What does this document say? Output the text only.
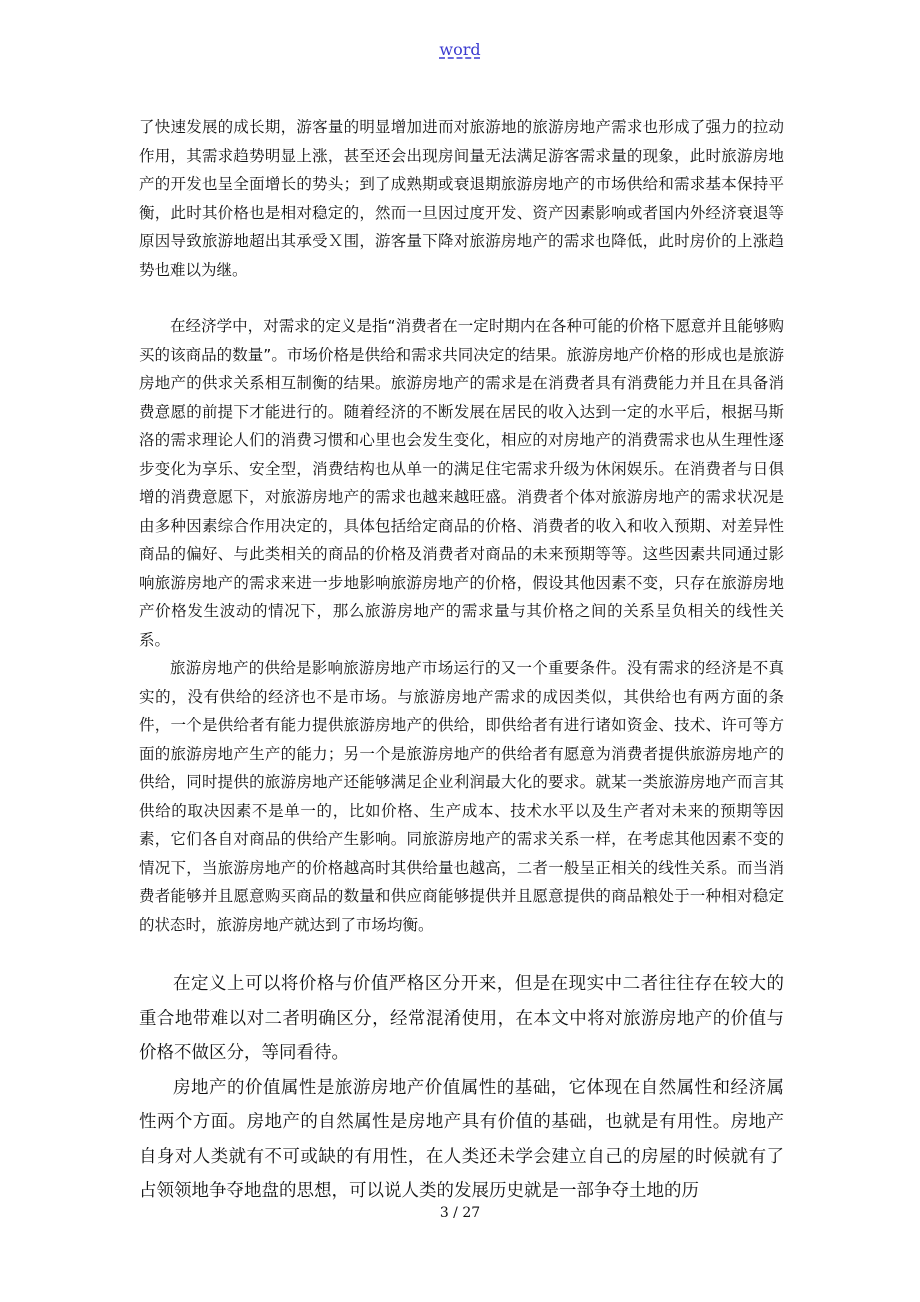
word

了快速发展的成长期，游客量的明显增加进而对旅游地的旅游房地产需求也形成了强力的拉动作用，其需求趋势明显上涨，甚至还会出现房间量无法满足游客需求量的现象，此时旅游房地产的开发也呈全面增长的势头；到了成熟期或衰退期旅游房地产的市场供给和需求基本保持平衡，此时其价格也是相对稳定的，然而一旦因过度开发、资产因素影响或者国内外经济衰退等原因导致旅游地超出其承受Ｘ围，游客量下降对旅游房地产的需求也降低，此时房价的上涨趋势也难以为继。

在经济学中，对需求的定义是指“消费者在一定时期内在各种可能的价格下愿意并且能够购买的该商品的数量”。市场价格是供给和需求共同决定的结果。旅游房地产价格的形成也是旅游房地产的供求关系相互制衡的结果。旅游房地产的需求是在消费者具有消费能力并且在具备消费意愿的前提下才能进行的。随着经济的不断发展在居民的收入达到一定的水平后，根据马斯洛的需求理论人们的消费习惯和心里也会发生变化，相应的对房地产的消费需求也从生理性逐步变化为享乐、安全型，消费结构也从单一的满足住宅需求升级为休闲娱乐。在消费者与日俱增的消费意愿下，对旅游房地产的需求也越来越旺盛。消费者个体对旅游房地产的需求状况是由多种因素综合作用决定的，具体包括给定商品的价格、消费者的收入和收入预期、对差异性商品的偏好、与此类相关的商品的价格及消费者对商品的未来预期等等。这些因素共同通过影响旅游房地产的需求来进一步地影响旅游房地产的价格，假设其他因素不变，只存在旅游房地产价格发生波动的情况下，那么旅游房地产的需求量与其价格之间的关系呈负相关的线性关系。

旅游房地产的供给是影响旅游房地产市场运行的又一个重要条件。没有需求的经济是不真实的，没有供给的经济也不是市场。与旅游房地产需求的成因类似，其供给也有两方面的条件，一个是供给者有能力提供旅游房地产的供给，即供给者有进行诸如资金、技术、许可等方面的旅游房地产生产的能力；另一个是旅游房地产的供给者有愿意为消费者提供旅游房地产的供给，同时提供的旅游房地产还能够满足企业利润最大化的要求。就某一类旅游房地产而言其供给的取决因素不是单一的，比如价格、生产成本、技术水平以及生产者对未来的预期等因素，它们各自对商品的供给产生影响。同旅游房地产的需求关系一样，在考虑其他因素不变的情况下，当旅游房地产的价格越高时其供给量也越高，二者一般呈正相关的线性关系。而当消费者能够并且愿意购买商品的数量和供应商能够提供并且愿意提供的商品粮处于一种相对稳定的状态时，旅游房地产就达到了市场均衡。

在定义上可以将价格与价值严格区分开来，但是在现实中二者往往存在较大的重合地带难以对二者明确区分，经常混淆使用，在本文中将对旅游房地产的价值与价格不做区分，等同看待。

房地产的价值属性是旅游房地产价值属性的基础，它体现在自然属性和经济属性两个方面。房地产的自然属性是房地产具有价值的基础，也就是有用性。房地产自身对人类就有不可或缺的有用性，在人类还未学会建立自己的房屋的时候就有了占领领地争夺地盘的思想，可以说人类的发展历史就是一部争夺土地的历

3 / 27
